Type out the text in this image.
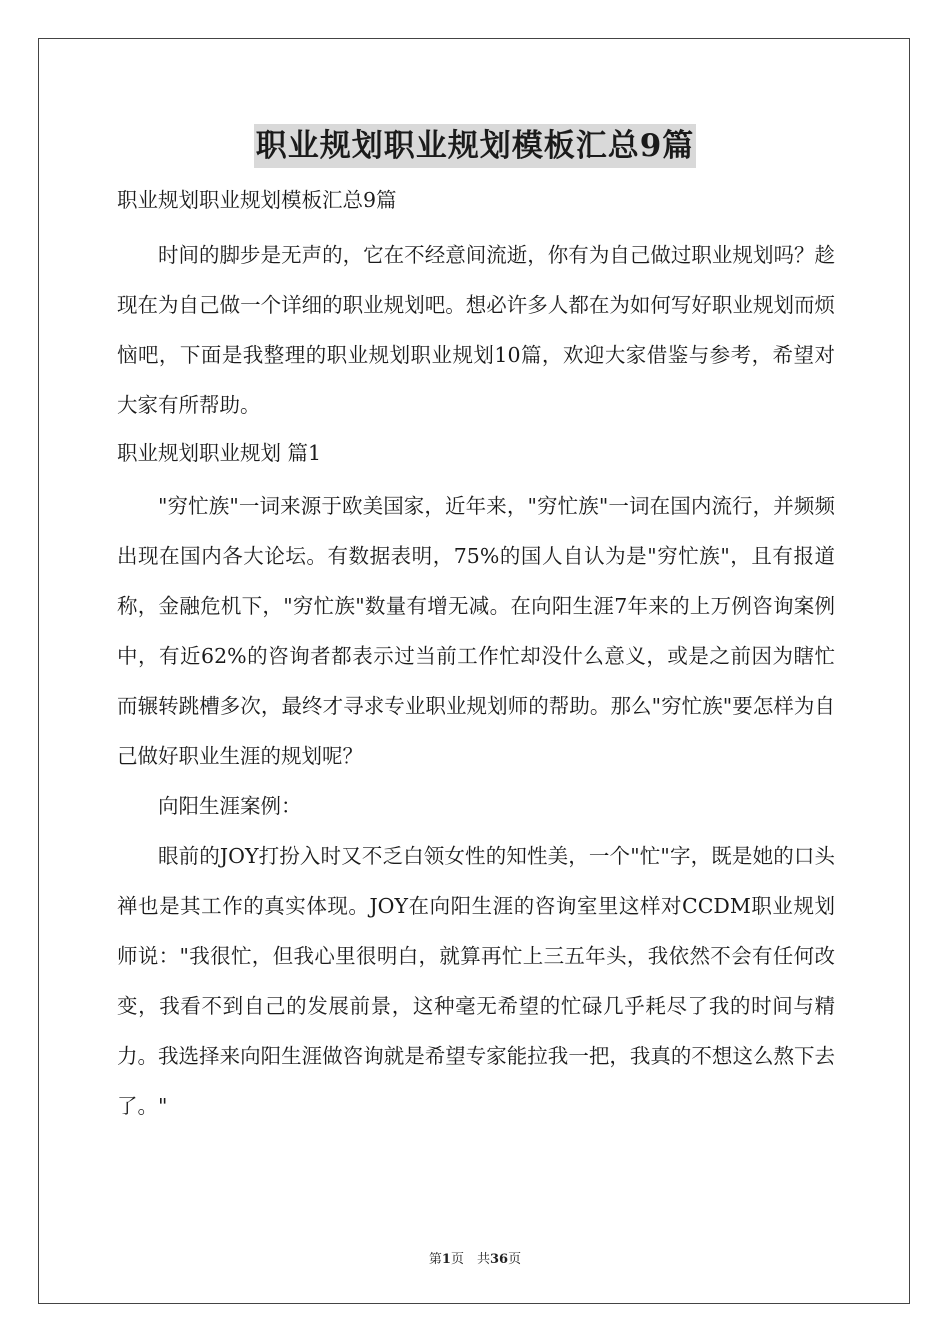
职业规划职业规划模板汇总9篇

职业规划职业规划模板汇总9篇

时间的脚步是无声的，它在不经意间流逝，你有为自己做过职业规划吗？趁现在为自己做一个详细的职业规划吧。想必许多人都在为如何写好职业规划而烦恼吧，下面是我整理的职业规划职业规划10篇，欢迎大家借鉴与参考，希望对大家有所帮助。

职业规划职业规划 篇1

"穷忙族"一词来源于欧美国家，近年来，"穷忙族"一词在国内流行，并频频出现在国内各大论坛。有数据表明，75%的国人自认为是"穷忙族"，且有报道称，金融危机下，"穷忙族"数量有增无减。在向阳生涯7年来的上万例咨询案例中，有近62%的咨询者都表示过当前工作忙却没什么意义，或是之前因为瞎忙而辗转跳槽多次，最终才寻求专业职业规划师的帮助。那么"穷忙族"要怎样为自己做好职业生涯的规划呢？

向阳生涯案例：

眼前的JOY打扮入时又不乏白领女性的知性美，一个"忙"字，既是她的口头禅也是其工作的真实体现。JOY在向阳生涯的咨询室里这样对CCDM职业规划师说："我很忙，但我心里很明白，就算再忙上三五年头，我依然不会有任何改变，我看不到自己的发展前景，这种毫无希望的忙碌几乎耗尽了我的时间与精力。我选择来向阳生涯做咨询就是希望专家能拉我一把，我真的不想这么熬下去了。"

第1页　共36页
